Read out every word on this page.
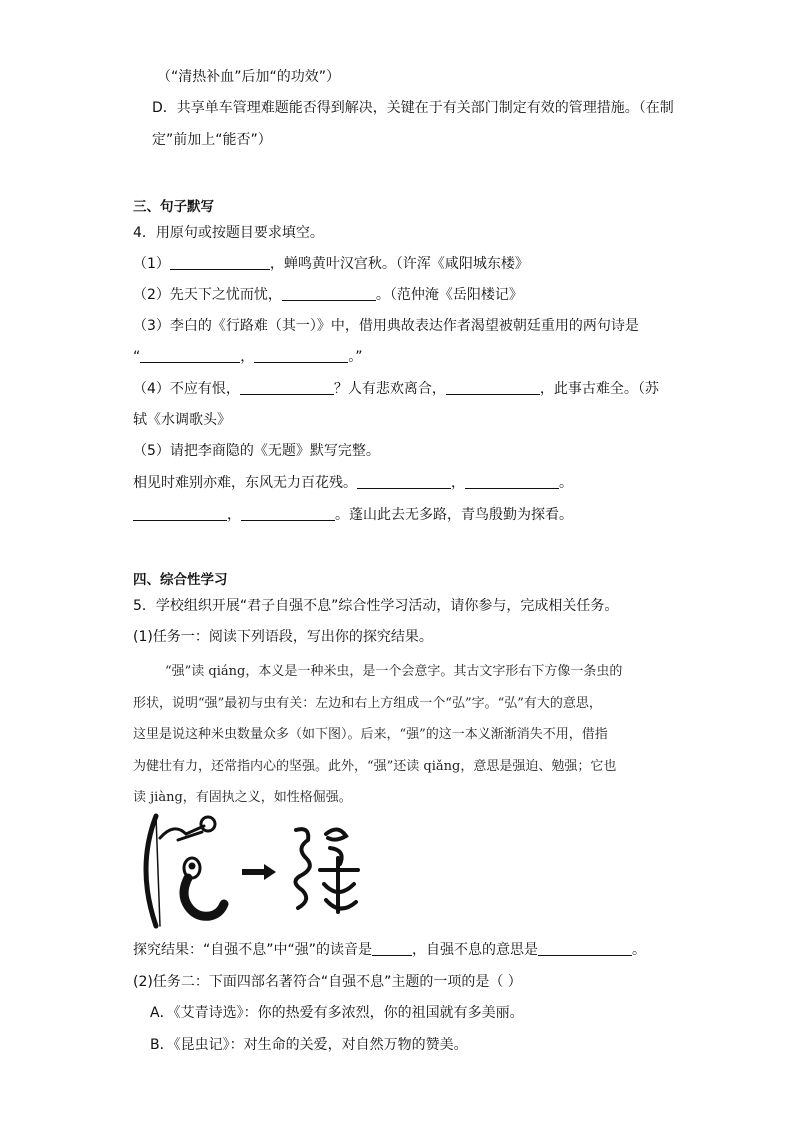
（“清热补血”后加“的功效”）
D．共享单车管理难题能否得到解决，关键在于有关部门制定有效的管理措施。（在制
定”前加上“能否”）
三、句子默写
4．用原句或按题目要求填空。
（1）	，蝉鸣黄叶汉宫秋。（许浑《咸阳城东楼》
（2）先天下之忧而忧，	。（范仲淹《岳阳楼记》
（3）李白的《行路难（其一）》中，借用典故表达作者渴望被朝廷重用的两句诗是
“	，	。”
（4）不应有恨，	？人有悲欢离合，	，此事古难全。（苏
轼《水调歌头》
（5）请把李商隐的《无题》默写完整。
相见时难别亦难，东风无力百花残。	，	。
，	。蓬山此去无多路，青鸟殷勤为探看。
四、综合性学习
5．学校组织开展“君子自强不息”综合性学习活动，请你参与，完成相关任务。
(1)任务一：阅读下列语段，写出你的探究结果。
“强”读 qiáng，本义是一种米虫，是一个会意字。其古文字形右下方像一条虫的
形状，说明“强”最初与虫有关：左边和右上方组成一个“弘”字。“弘”有大的意思，
这里是说这种米虫数量众多（如下图）。后来，“强”的这一本义渐渐消失不用，借指
为健壮有力，还常指内心的坚强。此外，“强”还读 qiǎng，意思是强迫、勉强；它也
读 jiàng，有固执之义，如性格倔强。
探究结果：“自强不息”中“强”的读音是	，自强不息的意思是	。
(2)任务二：下面四部名著符合“自强不息”主题的一项的是（ ）
A．《艾青诗选》：你的热爱有多浓烈，你的祖国就有多美丽。
B．《昆虫记》：对生命的关爱，对自然万物的赞美。
